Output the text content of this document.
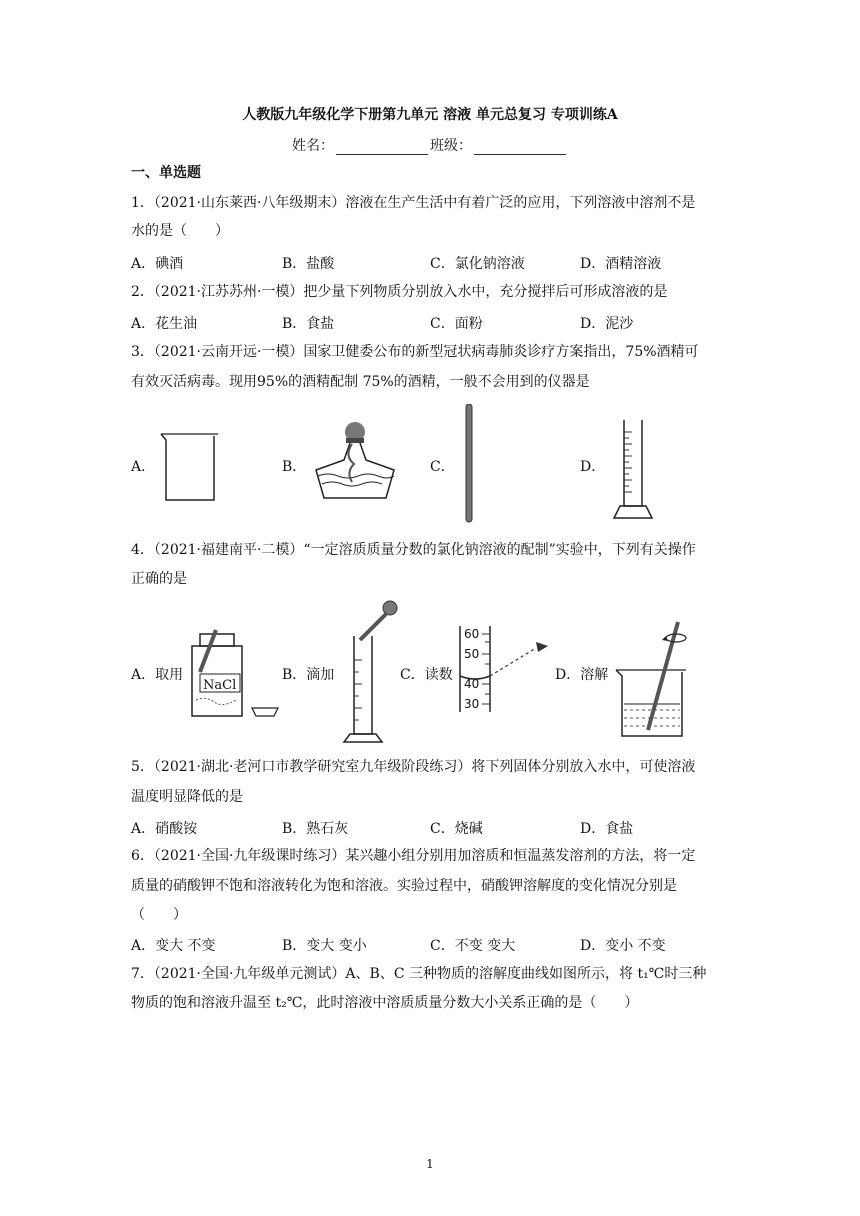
人教版九年级化学下册第九单元 溶液 单元总复习 专项训练A
姓名：	班级：
一、单选题
1．（2021·山东莱西·八年级期末）溶液在生产生活中有着广泛的应用，下列溶液中溶剂不是
水的是（　　）
A．碘酒	B．盐酸	C．氯化钠溶液	D．酒精溶液
2．（2021·江苏苏州·一模）把少量下列物质分别放入水中，充分搅拌后可形成溶液的是
A．花生油	B．食盐	C．面粉	D．泥沙
3．（2021·云南开远·一模）国家卫健委公布的新型冠状病毒肺炎诊疗方案指出，75%酒精可
有效灭活病毒。现用95%的酒精配制 75%的酒精，一般不会用到的仪器是
A．	B．	C．	D．
4．（2021·福建南平·二模）“一定溶质质量分数的氯化钠溶液的配制”实验中，下列有关操作
正确的是
A．取用
NaCl
B．滴加	C．读数
60
50
40
30
D．溶解
5．（2021·湖北·老河口市教学研究室九年级阶段练习）将下列固体分别放入水中，可使溶液
温度明显降低的是
A．硝酸铵	B．熟石灰	C．烧碱	D．食盐
6．（2021·全国·九年级课时练习）某兴趣小组分别用加溶质和恒温蒸发溶剂的方法，将一定
质量的硝酸钾不饱和溶液转化为饱和溶液。实验过程中，硝酸钾溶解度的变化情况分别是
（　　）
A．变大 不变	B．变大 变小	C．不变 变大	D．变小 不变
7．（2021·全国·九年级单元测试）A、B、C 三种物质的溶解度曲线如图所示，将 t₁℃时三种
物质的饱和溶液升温至 t₂℃，此时溶液中溶质质量分数大小关系正确的是（　　）
1
